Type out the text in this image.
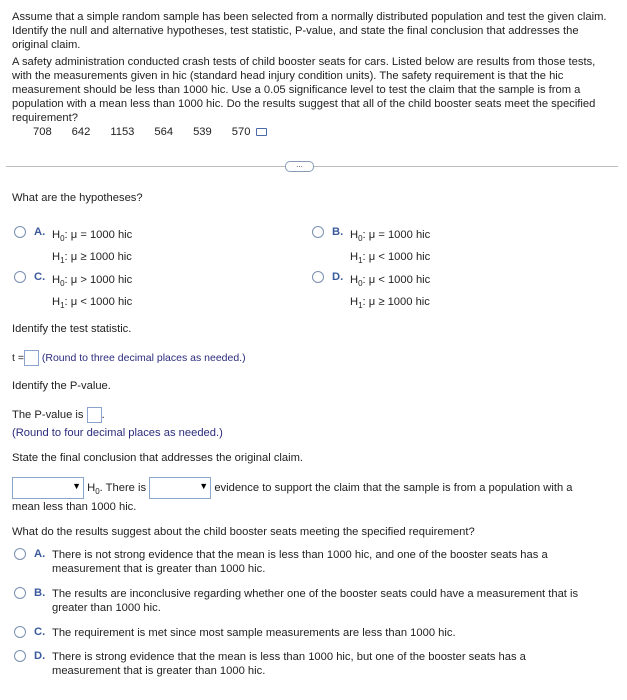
Assume that a simple random sample has been selected from a normally distributed population and test the given claim. Identify the null and alternative hypotheses, test statistic, P-value, and state the final conclusion that addresses the original claim.
A safety administration conducted crash tests of child booster seats for cars. Listed below are results from those tests, with the measurements given in hic (standard head injury condition units). The safety requirement is that the hic measurement should be less than 1000 hic. Use a 0.05 significance level to test the claim that the sample is from a population with a mean less than 1000 hic. Do the results suggest that all of the child booster seats meet the specified requirement?
708 642 1153 564 539 570
...
What are the hypotheses?
A. $H_0$: μ = 1000 hic
$H_1$: μ ≥ 1000 hic
B. $H_0$: μ = 1000 hic
$H_1$: μ < 1000 hic
C. $H_0$: μ > 1000 hic
$H_1$: μ < 1000 hic
D. $H_0$: μ < 1000 hic
$H_1$: μ ≥ 1000 hic
Identify the test statistic.
t = (Round to three decimal places as needed.)
Identify the P-value.
The P-value is .
(Round to four decimal places as needed.)
State the final conclusion that addresses the original claim.
▼ $H_0$. There is	▼ evidence to support the claim that the sample is from a population with a
mean less than 1000 hic.
What do the results suggest about the child booster seats meeting the specified requirement?
A. There is not strong evidence that the mean is less than 1000 hic, and one of the booster seats has a measurement that is greater than 1000 hic.
B. The results are inconclusive regarding whether one of the booster seats could have a measurement that is greater than 1000 hic.
C. The requirement is met since most sample measurements are less than 1000 hic.
D. There is strong evidence that the mean is less than 1000 hic, but one of the booster seats has a measurement that is greater than 1000 hic.
